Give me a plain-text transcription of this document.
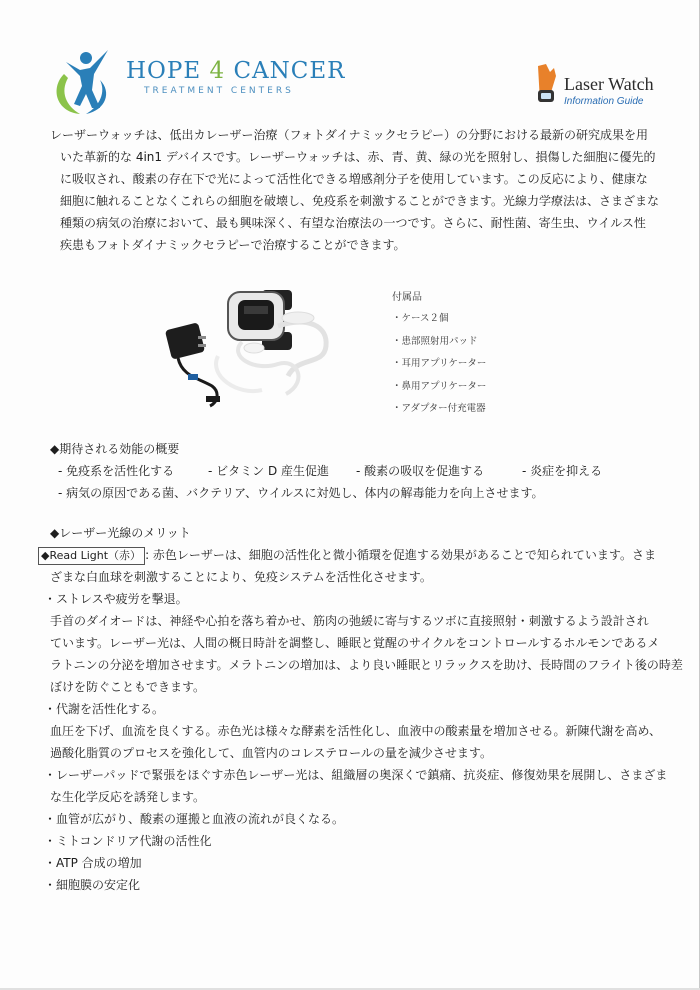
HOPE 4 CANCER
TREATMENT CENTERS	Laser Watch
Information Guide
レーザーウォッチは、低出カレーザー治療（フォトダイナミックセラピー）の分野における最新の研究成果を用
いた革新的な 4in1 デバイスです。レーザーウォッチは、赤、青、黄、緑の光を照射し、損傷した細胞に優先的
に吸収され、酸素の存在下で光によって活性化できる増感剤分子を使用しています。この反応により、健康な
細胞に触れることなくこれらの細胞を破壊し、免疫系を刺激することができます。光線力学療法は、さまざまな
種類の病気の治療において、最も興味深く、有望な治療法の一つです。さらに、耐性菌、寄生虫、ウイルス性
疾患もフォトダイナミックセラピーで治療することができます。
付属品
・ケース２個
・患部照射用パッド
・耳用アプリケーター
・鼻用アプリケーター
・アダプター付充電器
◆期待される効能の概要
- 免疫系を活性化する	- ビタミン D 産生促進 - 酸素の吸収を促進する	- 炎症を抑える
- 病気の原因である菌、バクテリア、ウイルスに対処し、体内の解毒能力を向上させます。
◆レーザー光線のメリット
◆Read Light（赤） : 赤色レーザーは、細胞の活性化と微小循環を促進する効果があることで知られています。さま
ざまな白血球を刺激することにより、免疫システムを活性化させます。
・ストレスや疲労を撃退。
手首のダイオードは、神経や心拍を落ち着かせ、筋肉の弛緩に寄与するツボに直接照射・刺激するよう設計され
ています。レーザー光は、人間の概日時計を調整し、睡眠と覚醒のサイクルをコントロールするホルモンであるメ
ラトニンの分泌を増加させます。メラトニンの増加は、より良い睡眠とリラックスを助け、長時間のフライト後の時差
ぼけを防ぐこともできます。
・代謝を活性化する。
血圧を下げ、血流を良くする。赤色光は様々な酵素を活性化し、血液中の酸素量を増加させる。新陳代謝を高め、
過酸化脂質のプロセスを強化して、血管内のコレステロールの量を減少させます。
・レーザーパッドで緊張をほぐす赤色レーザー光は、組織層の奥深くで鎮痛、抗炎症、修復効果を展開し、さまざま
な生化学反応を誘発します。
・血管が広がり、酸素の運搬と血液の流れが良くなる。
・ミトコンドリア代謝の活性化
・ATP 合成の増加
・細胞膜の安定化
